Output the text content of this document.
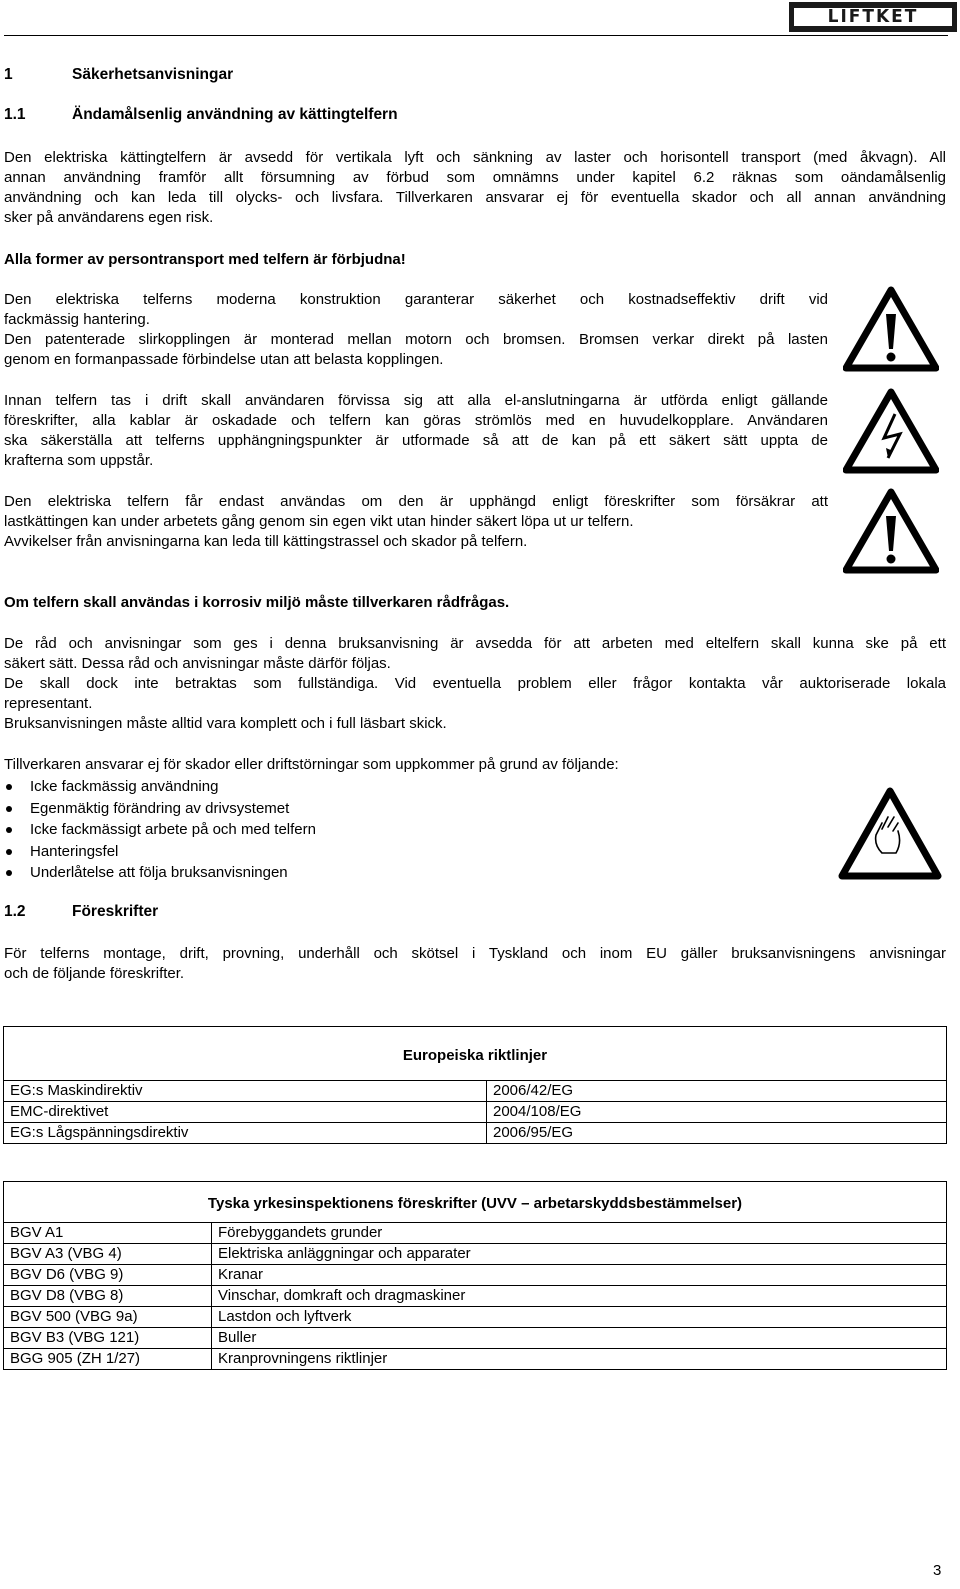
LIFTKET
1	Säkerhetsanvisningar
1.1	Ändamålsenlig användning av kättingtelfern
Den elektriska kättingtelfern är avsedd för vertikala lyft och sänkning av laster och horisontell transport (med åkvagn). All
annan användning framför allt försumning av förbud som omnämns under kapitel 6.2 räknas som oändamålsenlig
användning och kan leda till olycks- och livsfara. Tillverkaren ansvarar ej för eventuella skador och all annan användning
sker på användarens egen risk.
Alla former av persontransport med telfern är förbjudna!
Den elektriska telferns moderna konstruktion garanterar säkerhet och kostnadseffektiv drift vid
fackmässig hantering.
Den patenterade slirkopplingen är monterad mellan motorn och bromsen. Bromsen verkar direkt på lasten
genom en formanpassade förbindelse utan att belasta kopplingen.
Innan telfern tas i drift skall användaren förvissa sig att alla el-anslutningarna är utförda enligt gällande
föreskrifter, alla kablar är oskadade och telfern kan göras strömlös med en huvudelkopplare. Användaren
ska säkerställa att telferns upphängningspunkter är utformade så att de kan på ett säkert sätt uppta de
krafterna som uppstår.
Den elektriska telfern får endast användas om den är upphängd enligt föreskrifter som försäkrar att
lastkättingen kan under arbetets gång genom sin egen vikt utan hinder säkert löpa ut ur telfern.
Avvikelser från anvisningarna kan leda till kättingstrassel och skador på telfern.
Om telfern skall användas i korrosiv miljö måste tillverkaren rådfrågas.
De råd och anvisningar som ges i denna bruksanvisning är avsedda för att arbeten med eltelfern skall kunna ske på ett
säkert sätt. Dessa råd och anvisningar måste därför följas.
De skall dock inte betraktas som fullständiga. Vid eventuella problem eller frågor kontakta vår auktoriserade lokala
representant.
Bruksanvisningen måste alltid vara komplett och i full läsbart skick.
Tillverkaren ansvarar ej för skador eller driftstörningar som uppkommer på grund av följande:
Icke fackmässig användning
Egenmäktig förändring av drivsystemet
Icke fackmässigt arbete på och med telfern
Hanteringsfel
Underlåtelse att följa bruksanvisningen
1.2	Föreskrifter
För telferns montage, drift, provning, underhåll och skötsel i Tyskland och inom EU gäller bruksanvisningens anvisningar
och de följande föreskrifter.
Europeiska riktlinjer	
EG:s Maskindirektiv	2006/42/EG
EMC-direktivet	2004/108/EG
EG:s Lågspänningsdirektiv	2006/95/EG
Tyska yrkesinspektionens föreskrifter (UVV – arbetarskyddsbestämmelser)	
BGV A1	Förebyggandets grunder
BGV A3 (VBG 4)	Elektriska anläggningar och apparater
BGV D6 (VBG 9)	Kranar
BGV D8 (VBG 8)	Vinschar, domkraft och dragmaskiner
BGV 500 (VBG 9a)	Lastdon och lyftverk
BGV B3 (VBG 121)	Buller
BGG 905 (ZH 1/27)	Kranprovningens riktlinjer
3
